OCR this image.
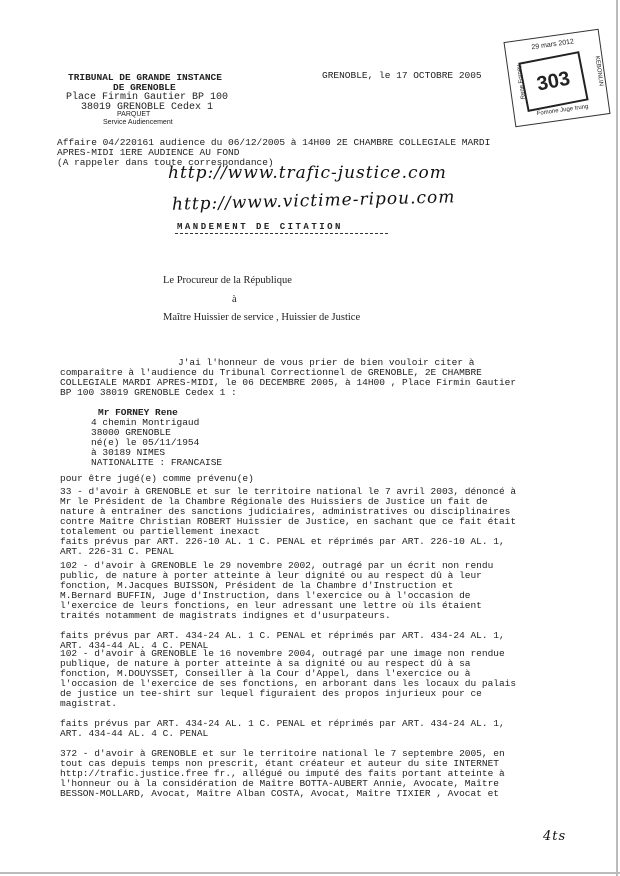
TRIBUNAL DE GRANDE INSTANCE
DE GRENOBLE
Place Firmin Gautier BP 100
38019 GRENOBLE Cedex 1
PARQUET
Service Audiencement
GRENOBLE, le 17 OCTOBRE 2005
29 mars 2012
Rene Forney	KEBONLIN
303
Fomone Juge trung
Affaire 04/220161 audience du 06/12/2005 à 14H00 2E CHAMBRE COLLEGIALE MARDI
APRES-MIDI 1ERE AUDIENCE AU FOND
(A rappeler dans toute correspondance)
http://www.trafic-justice.com
http://www.victime-ripou.com
MANDEMENT DE CITATION
Le Procureur de la République
à
Maître Huissier de service , Huissier de Justice
J'ai l'honneur de vous prier de bien vouloir citer à
comparaître à l'audience du Tribunal Correctionnel de GRENOBLE, 2E CHAMBRE
COLLEGIALE MARDI APRES-MIDI, le 06 DECEMBRE 2005, à 14H00 , Place Firmin Gautier
BP 100 38019 GRENOBLE Cedex 1 :
Mr FORNEY Rene
4 chemin Montrigaud
38000 GRENOBLE
né(e) le 05/11/1954
à 30189 NIMES
NATIONALITE : FRANCAISE
pour être jugé(e) comme prévenu(e)
33 - d'avoir à GRENOBLE et sur le territoire national le 7 avril 2003, dénoncé à
Mr le Président de la Chambre Régionale des Huissiers de Justice un fait de
nature à entraîner des sanctions judiciaires, administratives ou disciplinaires
contre Maître Christian ROBERT Huissier de Justice, en sachant que ce fait était
totalement ou partiellement inexact
faits prévus par ART. 226-10 AL. 1 C. PENAL et réprimés par ART. 226-10 AL. 1,
ART. 226-31 C. PENAL
102 - d'avoir à GRENOBLE le 29 novembre 2002, outragé par un écrit non rendu
public, de nature à porter atteinte à leur dignité ou au respect dû à leur
fonction, M.Jacques BUISSON, Président de la Chambre d'Instruction et
M.Bernard BUFFIN, Juge d'Instruction, dans l'exercice ou à l'occasion de
l'exercice de leurs fonctions, en leur adressant une lettre où ils étaient
traités notamment de magistrats indignes et d'usurpateurs.
faits prévus par ART. 434-24 AL. 1 C. PENAL et réprimés par ART. 434-24 AL. 1,
ART. 434-44 AL. 4 C. PENAL
102 - d'avoir à GRENOBLE le 16 novembre 2004, outragé par une image non rendue
publique, de nature à porter atteinte à sa dignité ou au respect dû à sa
fonction, M.DOUYSSET, Conseiller à la Cour d'Appel, dans l'exercice ou à
l'occasion de l'exercice de ses fonctions, en arborant dans les locaux du palais
de justice un tee-shirt sur lequel figuraient des propos injurieux pour ce
magistrat.
faits prévus par ART. 434-24 AL. 1 C. PENAL et réprimés par ART. 434-24 AL. 1,
ART. 434-44 AL. 4 C. PENAL
372 - d'avoir à GRENOBLE et sur le territoire national le 7 septembre 2005, en
tout cas depuis temps non prescrit, étant créateur et auteur du site INTERNET
http://trafic.justice.free fr., allégué ou imputé des faits portant atteinte à
l'honneur ou à la considération de Maître BOTTA-AUBERT Annie, Avocate, Maître
BESSON-MOLLARD, Avocat, Maître Alban COSTA, Avocat, Maître TIXIER , Avocat et
4ts
